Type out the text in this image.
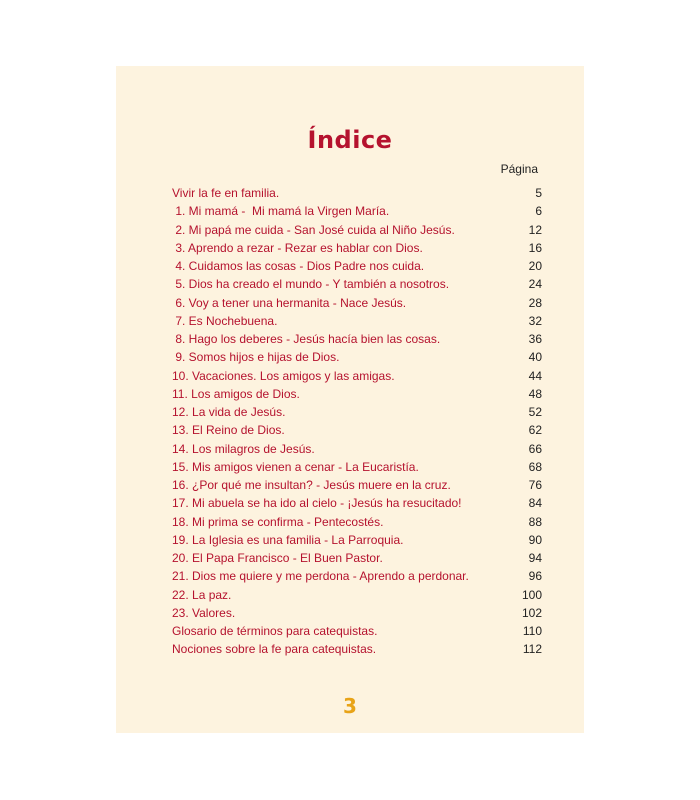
Índice
Página
Vivir la fe en familia.	5
1. Mi mamá -  Mi mamá la Virgen María.	6
2. Mi papá me cuida - San José cuida al Niño Jesús.	12
3. Aprendo a rezar - Rezar es hablar con Dios.	16
4. Cuidamos las cosas - Dios Padre nos cuida.	20
5. Dios ha creado el mundo - Y también a nosotros.	24
6. Voy a tener una hermanita - Nace Jesús.	28
7. Es Nochebuena.	32
8. Hago los deberes - Jesús hacía bien las cosas.	36
9. Somos hijos e hijas de Dios.	40
10. Vacaciones. Los amigos y las amigas.	44
11. Los amigos de Dios.	48
12. La vida de Jesús.	52
13. El Reino de Dios.	62
14. Los milagros de Jesús.	66
15. Mis amigos vienen a cenar - La Eucaristía.	68
16. ¿Por qué me insultan? - Jesús muere en la cruz.	76
17. Mi abuela se ha ido al cielo - ¡Jesús ha resucitado!	84
18. Mi prima se confirma - Pentecostés.	88
19. La Iglesia es una familia - La Parroquia.	90
20. El Papa Francisco - El Buen Pastor.	94
21. Dios me quiere y me perdona - Aprendo a perdonar.	96
22. La paz.	100
23. Valores.	102
Glosario de términos para catequistas.	110
Nociones sobre la fe para catequistas.	112
3
